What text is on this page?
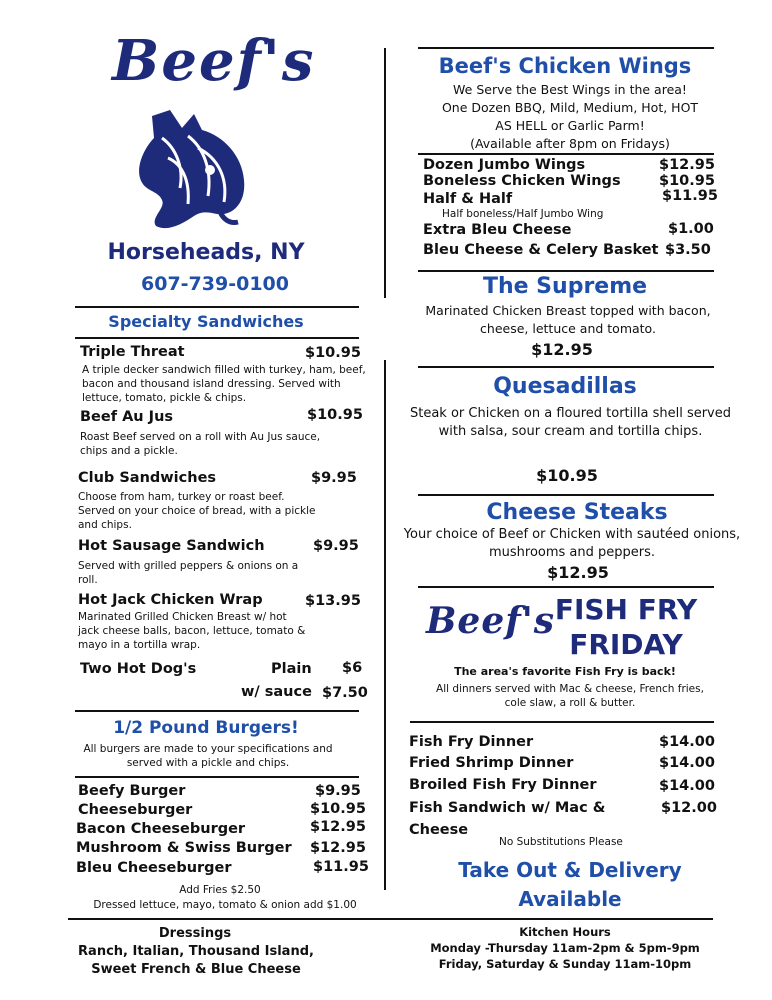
Beef's
Horseheads, NY
607-739-0100
Specialty Sandwiches
Triple Threat	$10.95
A triple decker sandwich filled with turkey, ham, beef, bacon and thousand island dressing. Served with lettuce, tomato, pickle & chips.
Beef Au Jus	$10.95
Roast Beef served on a roll with Au Jus sauce, chips and a pickle.
Club Sandwiches	$9.95
Choose from ham, turkey or roast beef. Served on your choice of bread, with a pickle and chips.
Hot Sausage Sandwich	$9.95
Served with grilled peppers & onions on a roll.
Hot Jack Chicken Wrap	$13.95
Marinated Grilled Chicken Breast w/ hot jack cheese balls, bacon, lettuce, tomato & mayo in a tortilla wrap.
Two Hot Dog's	Plain $6
w/ sauce $7.50
1/2 Pound Burgers!
All burgers are made to your specifications and served with a pickle and chips.
Beefy Burger	$9.95
Cheeseburger	$10.95
Bacon Cheeseburger	$12.95
Mushroom & Swiss Burger $12.95
Bleu Cheeseburger	$11.95
Add Fries $2.50
Dressed lettuce, mayo, tomato & onion add $1.00
Beef's Chicken Wings
We Serve the Best Wings in the area!
One Dozen BBQ, Mild, Medium, Hot, HOT
AS HELL or Garlic Parm!
(Available after 8pm on Fridays)
Dozen Jumbo Wings	$12.95
Boneless Chicken Wings	$10.95
Half & Half	$11.95
Half boneless/Half Jumbo Wing
Extra Bleu Cheese	$1.00
Bleu Cheese & Celery Basket $3.50
The Supreme
Marinated Chicken Breast topped with bacon, cheese, lettuce and tomato.
$12.95
Quesadillas
Steak or Chicken on a floured tortilla shell served with salsa, sour cream and tortilla chips.
$10.95
Cheese Steaks
Your choice of Beef or Chicken with sautéed onions, mushrooms and peppers.
$12.95
Beef's FISH FRY
FRIDAY
The area's favorite Fish Fry is back!
All dinners served with Mac & cheese, French fries, cole slaw, a roll & butter.
Fish Fry Dinner	$14.00
Fried Shrimp Dinner	$14.00
Broiled Fish Fry Dinner	$14.00
Fish Sandwich w/ Mac &	$12.00
Cheese
No Substitutions Please
Take Out & Delivery
Available
Dressings
Ranch, Italian, Thousand Island,
Sweet French & Blue Cheese
Kitchen Hours
Monday -Thursday 11am-2pm & 5pm-9pm
Friday, Saturday & Sunday 11am-10pm
